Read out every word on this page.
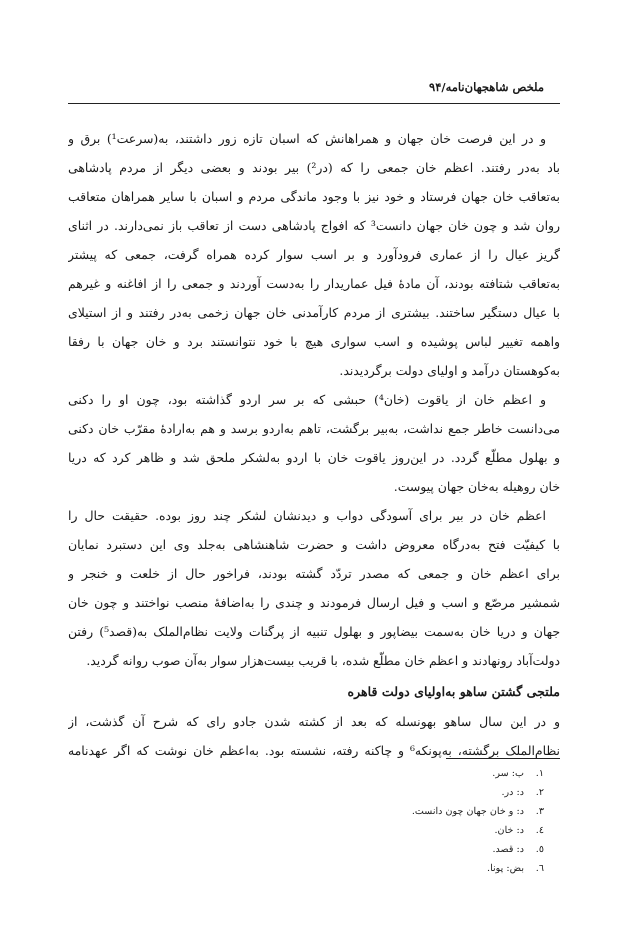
ملخص شاهجهان‌نامه/۹۴
و در این فرصت خان جهان و همراهانش که اسبان تازه زور داشتند، به(سرعت¹) برق و
باد به‌در رفتند. اعظم خان جمعی را که (در²) بیر بودند و بعضی دیگر از مردم پادشاهی
به‌تعاقب خان جهان فرستاد و خود نیز با وجود ماندگی مردم و اسبان با سایر همراهان متعاقب
روان شد و چون خان جهان دانست³ که افواج پادشاهی دست از تعاقب باز نمی‌دارند. در اثنای
گریز عیال را از عماری فرودآورد و بر اسب سوار کرده همراه گرفت، جمعی که پیشتر
به‌تعاقب شتافته بودند، آن مادهٔ فیل عماریدار را به‌دست آوردند و جمعی را از افاغنه و غیرهم
با عیال دستگیر ساختند. بیشتری از مردم کارآمدنی خان جهان زخمی به‌در رفتند و از استیلای
واهمه تغییر لباس پوشیده و اسب سواری هیچ با خود نتوانستند برد و خان جهان با رفقا
به‌کوهستان درآمد و اولیای دولت برگردیدند.
و اعظم خان از یاقوت (خان⁴) حبشی که بر سر اردو گذاشته بود، چون او را دکنی
می‌دانست خاطر جمع نداشت، به‌بیر برگشت، تاهم به‌اردو برسد و هم به‌ارادهٔ مقرّب خان دکنی
و بهلول مطلّع گردد. در این‌روز یاقوت خان با اردو به‌لشکر ملحق شد و ظاهر کرد که دریا
خان روهیله به‌خان جهان پیوست.
اعظم خان در بیر برای آسودگی دواب و دیدنشان لشکر چند روز بوده. حقیقت حال را
با کیفیّت فتح به‌درگاه معروض داشت و حضرت شاهنشاهی به‌جلد وی این دستبرد نمایان
برای اعظم خان و جمعی که مصدر تردّد گشته بودند، فراخور حال از خلعت و خنجر و
شمشیر مرصّع و اسب و فیل ارسال فرمودند و چندی را به‌اضافهٔ منصب نواختند و چون خان
جهان و دریا خان به‌سمت بیضاپور و بهلول تنبیه از پرگنات ولایت نظام‌الملک به(قصد⁵) رفتن
دولت‌آباد رونهادند و اعظم خان مطلّع شده، با قریب بیست‌هزار سوار به‌آن صوب روانه گردید.
ملتجی گشتن ساهو به‌اولیای دولت قاهره
و در این سال ساهو بهونسله که بعد از کشته شدن جادو رای که شرح آن گذشت، از
نظام‌الملک برگشته، به‌پونکه⁶ و چاکنه رفته، نشسته بود. به‌اعظم خان نوشت که اگر عهدنامه
١.
ب: سر.
٢.
د: در.
٣.
د: و خان جهان چون دانست.
٤.
د: خان.
٥.
د: قصد.
٦.
بض: پونا.
